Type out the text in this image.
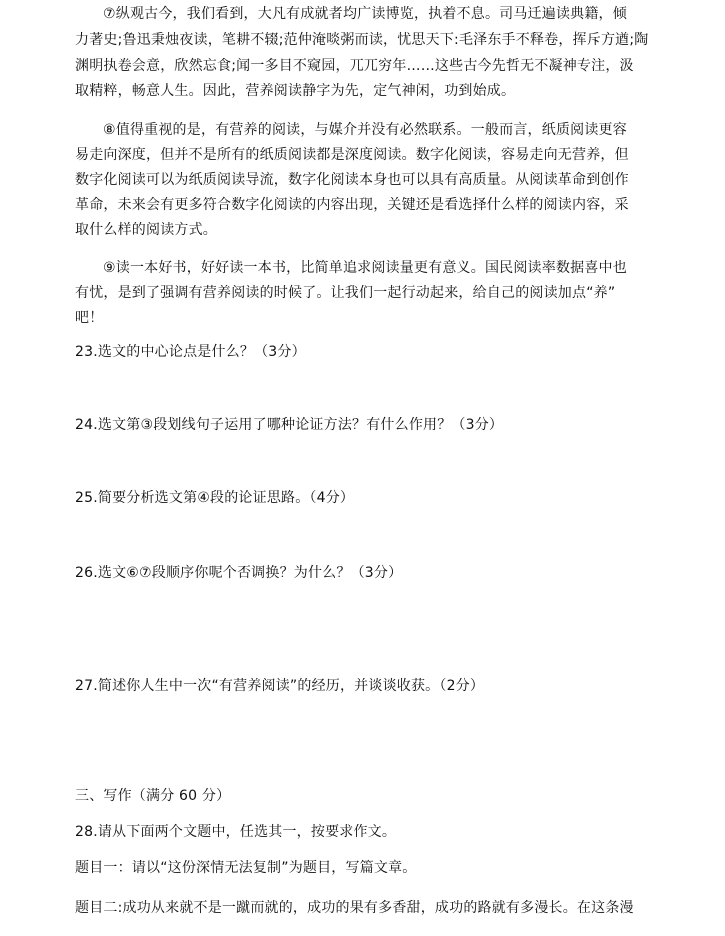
⑦纵观古今，我们看到，大凡有成就者均广读博览，执着不息。司马迁遍读典籍，倾
力著史;鲁迅秉烛夜读，笔耕不辍;范仲淹啖粥而读，忧思天下:毛泽东手不释卷，挥斥方遒;陶
渊明执卷会意，欣然忘食;闻一多目不窥园，兀兀穷年……这些古今先哲无不凝神专注，汲
取精粹，畅意人生。因此，营养阅读静字为先，定气神闲，功到始成。
⑧值得重视的是，有营养的阅读，与媒介并没有必然联系。一般而言，纸质阅读更容
易走向深度，但并不是所有的纸质阅读都是深度阅读。数字化阅读，容易走向无营养，但
数字化阅读可以为纸质阅读导流，数字化阅读本身也可以具有高质量。从阅读革命到创作
革命，未来会有更多符合数字化阅读的内容出现，关键还是看选择什么样的阅读内容，采
取什么样的阅读方式。
⑨读一本好书，好好读一本书，比简单追求阅读量更有意义。国民阅读率数据喜中也
有忧，是到了强调有营养阅读的时候了。让我们一起行动起来，给自己的阅读加点“养”
吧！
23.选文的中心论点是什么？（3分）
24.选文第③段划线句子运用了哪种论证方法？有什么作用？（3分）
25.简要分析选文第④段的论证思路。（4分）
26.选文⑥⑦段顺序你呢个否调换？为什么？（3分）
27.简述你人生中一次“有营养阅读”的经历，并谈谈收获。（2分）
三、写作（满分 60 分）
28.请从下面两个文题中，任选其一，按要求作文。
题目一：请以“这份深情无法复制”为题目，写篇文章。
题目二:成功从来就不是一蹴而就的，成功的果有多香甜，成功的路就有多漫长。在这条漫
